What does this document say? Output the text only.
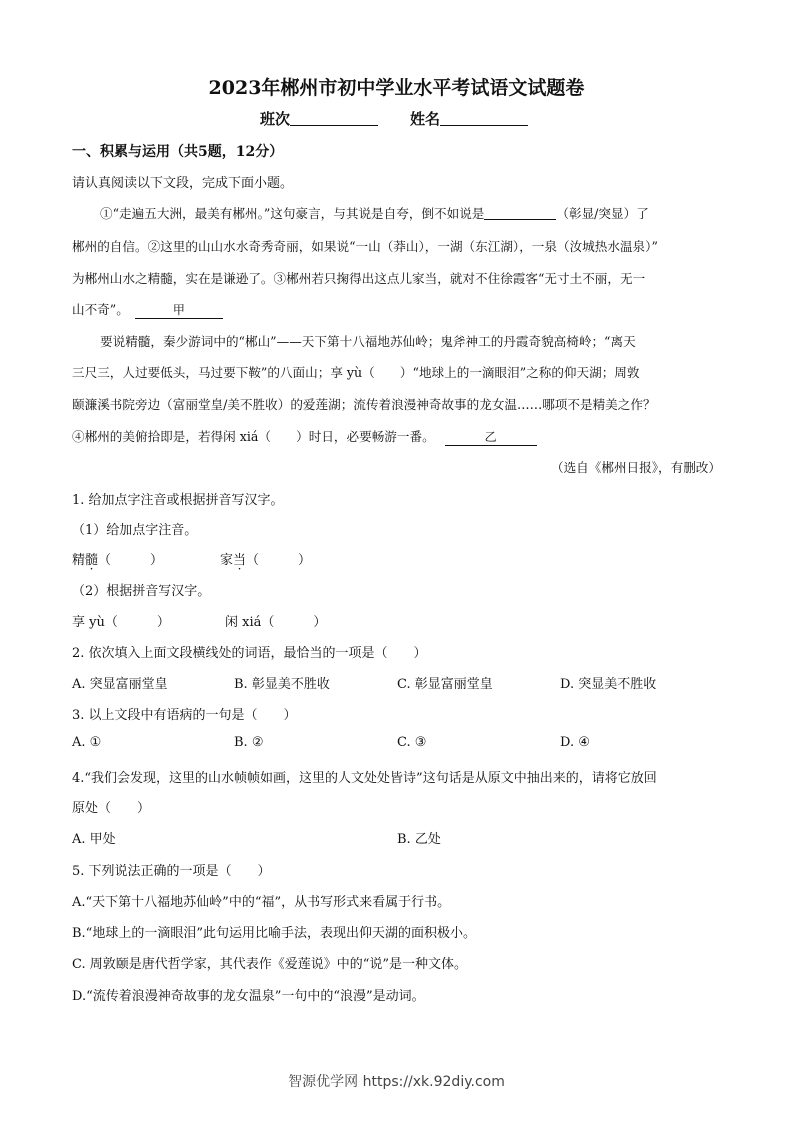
2023年郴州市初中学业水平考试语文试题卷
班次	姓名
一、积累与运用（共5题，12分）
请认真阅读以下文段，完成下面小题。
①“走遍五大洲，最美有郴州。”这句豪言，与其说是自夸，倒不如说是	（彰显/突显）了
郴州的自信。②这里的山山水水奇秀奇丽，如果说“一山（莽山），一湖（东江湖），一泉（汝城热水温泉）”
为郴州山水之精髓，实在是谦逊了。③郴州若只掬得出这点儿家当，就对不住徐霞客“无寸土不丽，无一
山不奇”。	甲
要说精髓，秦少游词中的“郴山”——天下第十八福地苏仙岭；鬼斧神工的丹霞奇貌高椅岭；“离天
三尺三，人过要低头，马过要下鞍”的八面山；享 yù（　　）“地球上的一滴眼泪”之称的仰天湖；周敦
颐濂溪书院旁边（富丽堂皇/美不胜收）的爱莲湖；流传着浪漫神奇故事的龙女温……哪项不是精美之作？
④郴州的美俯拾即是，若得闲 xiá（　　）时日，必要畅游一番。	乙
（选自《郴州日报》，有删改）
1. 给加点字注音或根据拼音写汉字。
（1）给加点字注音。
精髓（　　　）	家当（　　　）
（2）根据拼音写汉字。
享 yù（　　　）	闲 xiá（　　　）
2. 依次填入上面文段横线处的词语，最恰当的一项是（　　）
A. 突显富丽堂皇	B. 彰显美不胜收	C. 彰显富丽堂皇	D. 突显美不胜收
3. 以上文段中有语病的一句是（　　）
A. ①	B. ②	C. ③	D. ④
4.“我们会发现，这里的山水帧帧如画，这里的人文处处皆诗”这句话是从原文中抽出来的，请将它放回
原处（　　）
A. 甲处	B. 乙处
5. 下列说法正确的一项是（　　）
A.“天下第十八福地苏仙岭”中的“福”，从书写形式来看属于行书。
B.“地球上的一滴眼泪”此句运用比喻手法，表现出仰天湖的面积极小。
C. 周敦颐是唐代哲学家，其代表作《爱莲说》中的“说”是一种文体。
D.“流传着浪漫神奇故事的龙女温泉”一句中的“浪漫”是动词。
智源优学网 https://xk.92diy.com
